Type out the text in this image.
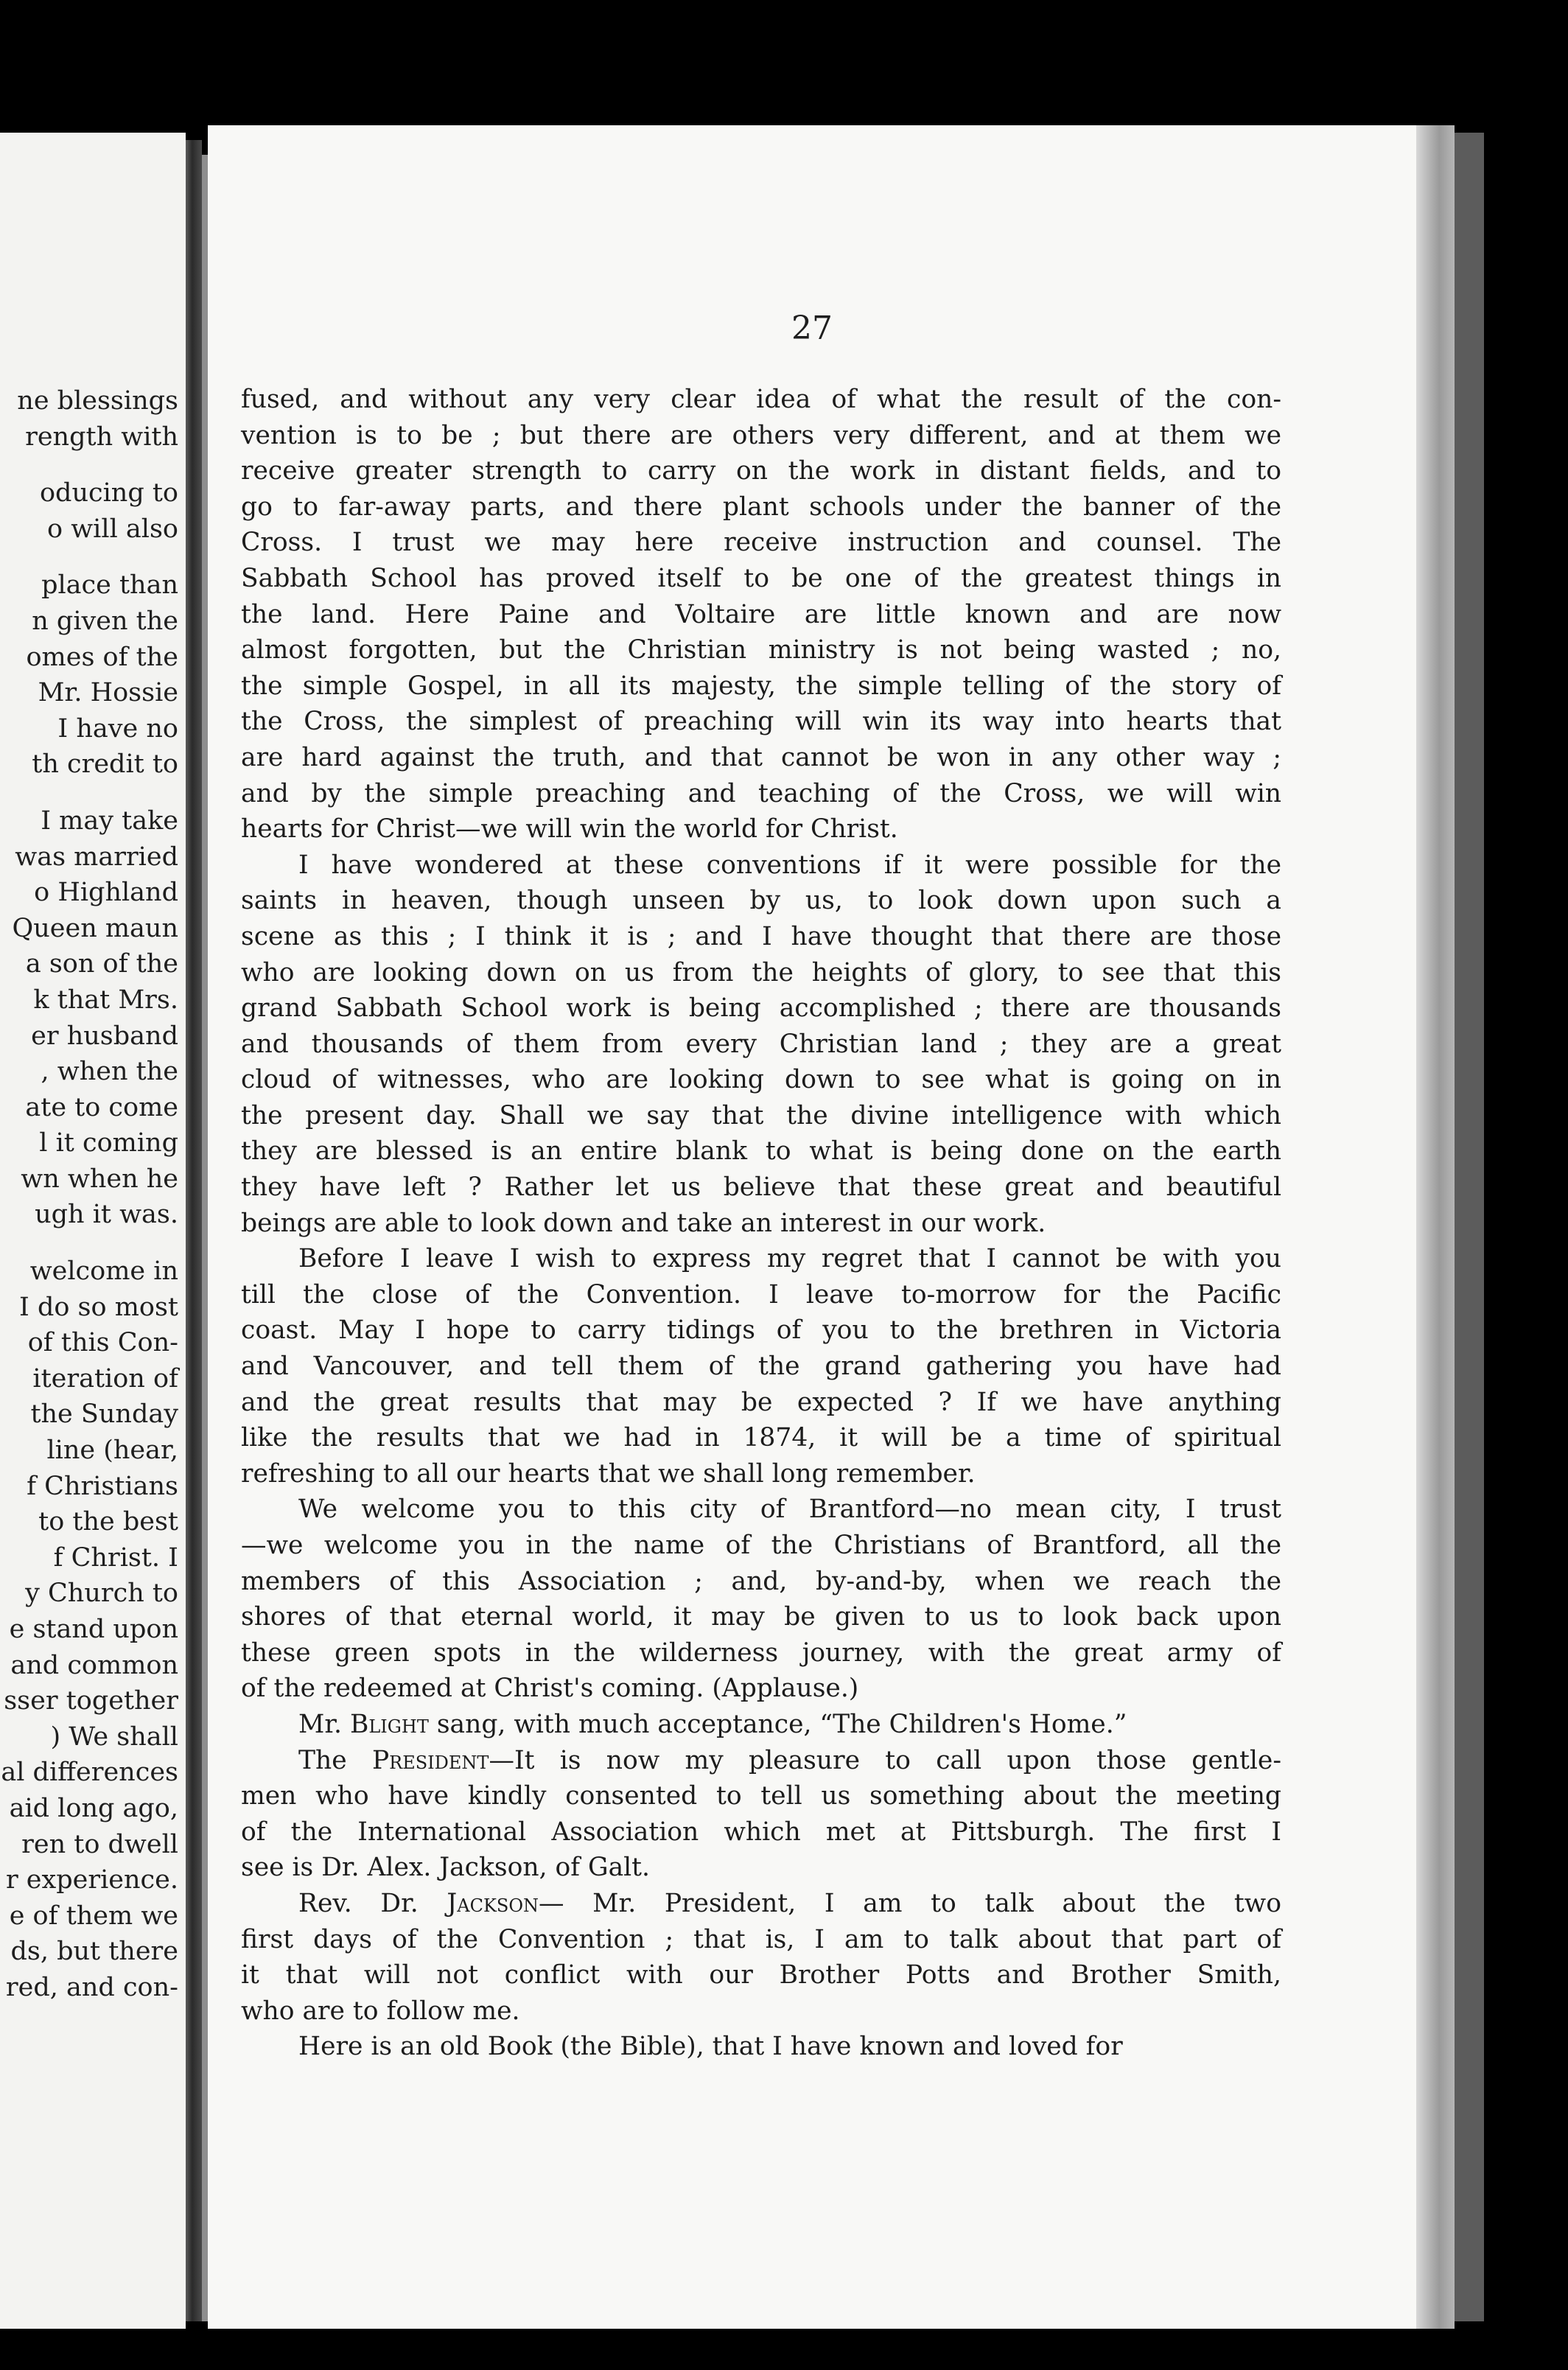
ne blessings
rength with
oducing to
o will also
place than
n given the
omes of the
Mr. Hossie
I have no
th credit to
I may take
was married
o Highland
Queen maun
a son of the
k that Mrs.
er husband
, when the
ate to come
l it coming
wn when he
ugh it was.
welcome in
I do so most
of this Con-
iteration of
the Sunday
line (hear,
f Christians
to the best
f Christ. I
y Church to
e stand upon
and common
sser together
) We shall
al differences
aid long ago,
ren to dwell
r experience.
e of them we
ds, but there
red, and con-

27

fused, and without any very clear idea of what the result of the con-
vention is to be ; but there are others very different, and at them we
receive greater strength to carry on the work in distant fields, and to
go to far-away parts, and there plant schools under the banner of the
Cross. I trust we may here receive instruction and counsel. The
Sabbath School has proved itself to be one of the greatest things in
the land. Here Paine and Voltaire are little known and are now
almost forgotten, but the Christian ministry is not being wasted ; no,
the simple Gospel, in all its majesty, the simple telling of the story of
the Cross, the simplest of preaching will win its way into hearts that
are hard against the truth, and that cannot be won in any other way ;
and by the simple preaching and teaching of the Cross, we will win
hearts for Christ—we will win the world for Christ.
I have wondered at these conventions if it were possible for the
saints in heaven, though unseen by us, to look down upon such a
scene as this ; I think it is ; and I have thought that there are those
who are looking down on us from the heights of glory, to see that this
grand Sabbath School work is being accomplished ; there are thousands
and thousands of them from every Christian land ; they are a great
cloud of witnesses, who are looking down to see what is going on in
the present day. Shall we say that the divine intelligence with which
they are blessed is an entire blank to what is being done on the earth
they have left ? Rather let us believe that these great and beautiful
beings are able to look down and take an interest in our work.
Before I leave I wish to express my regret that I cannot be with you
till the close of the Convention. I leave to-morrow for the Pacific
coast. May I hope to carry tidings of you to the brethren in Victoria
and Vancouver, and tell them of the grand gathering you have had
and the great results that may be expected ? If we have anything
like the results that we had in 1874, it will be a time of spiritual
refreshing to all our hearts that we shall long remember.
We welcome you to this city of Brantford—no mean city, I trust
—we welcome you in the name of the Christians of Brantford, all the
members of this Association ; and, by-and-by, when we reach the
shores of that eternal world, it may be given to us to look back upon
these green spots in the wilderness journey, with the great army of
of the redeemed at Christ's coming. (Applause.)
Mr. Blight sang, with much acceptance, “The Children's Home.”
The President—It is now my pleasure to call upon those gentle-
men who have kindly consented to tell us something about the meeting
of the International Association which met at Pittsburgh. The first I
see is Dr. Alex. Jackson, of Galt.
Rev. Dr. Jackson— Mr. President, I am to talk about the two
first days of the Convention ; that is, I am to talk about that part of
it that will not conflict with our Brother Potts and Brother Smith,
who are to follow me.
Here is an old Book (the Bible), that I have known and loved for
